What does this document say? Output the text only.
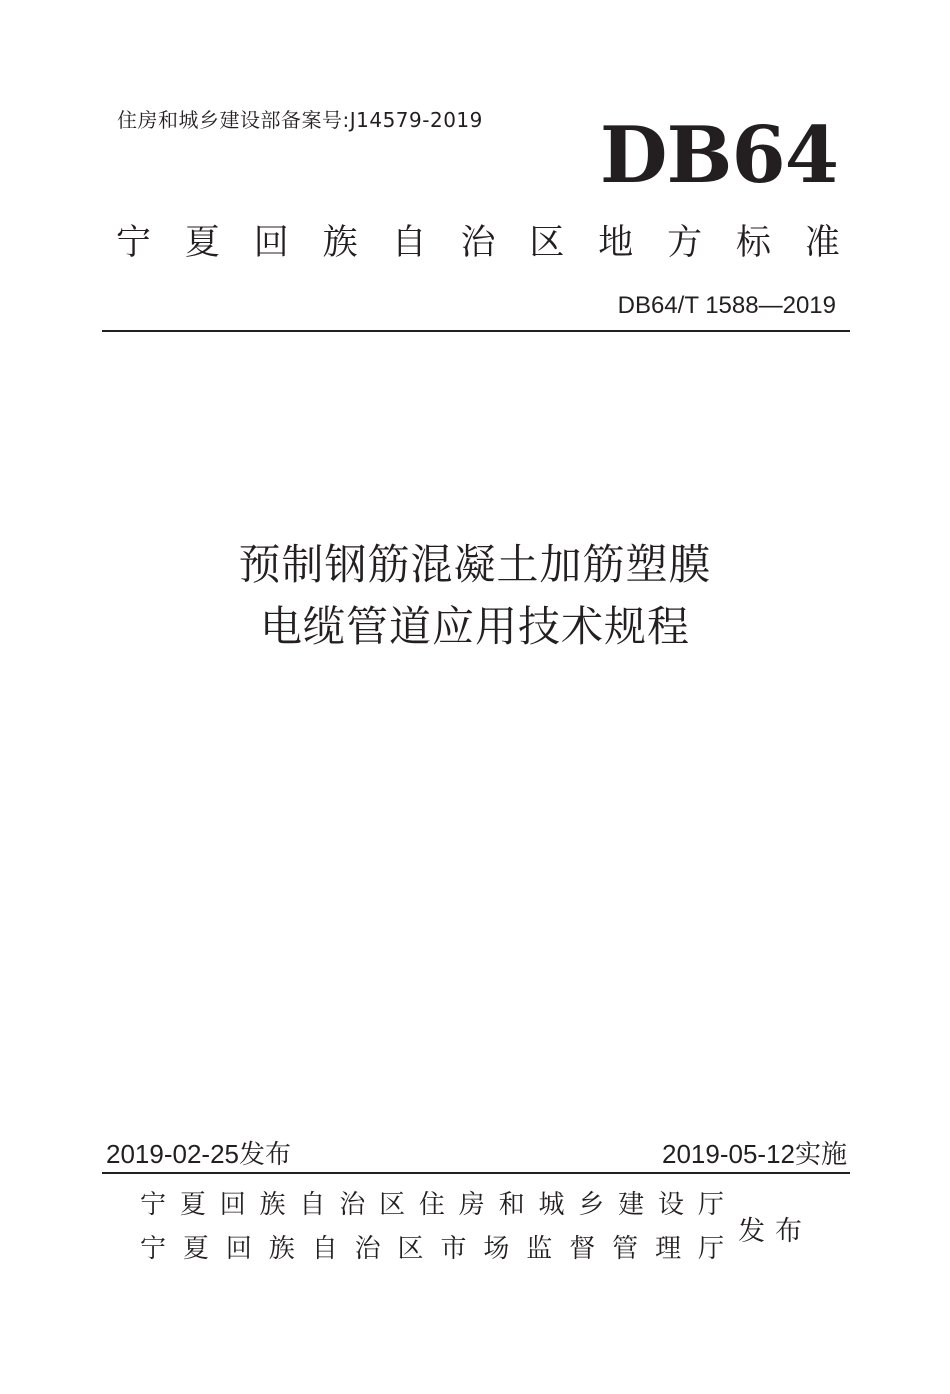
住房和城乡建设部备案号:J14579-2019 DB64
宁 夏 回 族 自 治 区 地 方 标 准
DB64/T 1588—2019
预制钢筋混凝土加筋塑膜
电缆管道应用技术规程
2019-02-25发布	2019-05-12实施
宁 夏 回 族 自 治 区 住 房 和 城 乡 建 设 厅
宁 夏 回 族 自 治 区 市 场 监 督 管 理 厅
发布
